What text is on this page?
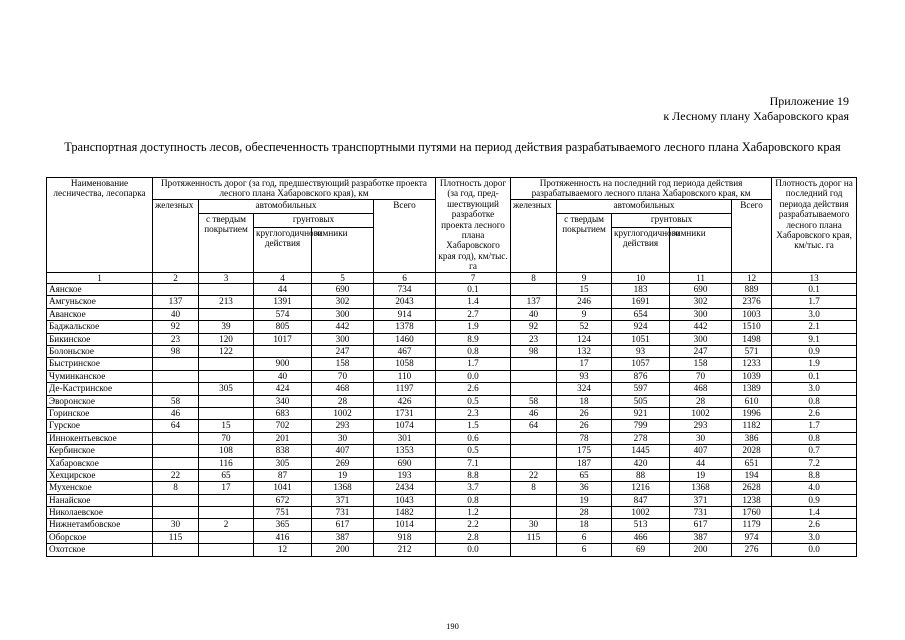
Приложение 19
к Лесному плану Хабаровского края
Транспортная доступность лесов, обеспеченность транспортными путями на период действия разрабатываемого лесного плана Хабаровского края
Наименование лесничества, лесопарка	Протяженность дорог (за год, предшествующий разработке проекта лесного плана Хабаровского края), км					Плотность дорог (за год, пред-шествующий разработке проекта лесного плана Хабаровского края год), км/тыс. га	Протяженность на последний год периода действия разрабатываемого лесного плана Хабаровского края, км					Плотность дорог на последний год периода действия разрабатываемого лесного плана Хабаровского края, км/тыс. га
	железных	автомобильных			Всего		железных	автомобильных			Всего	
		с твердым покрытием	грунтовых					с твердым покрытием	грунтовых			
			круглогодичного действия	зимники					круглогодичного действия	зимники		
1	2	3	4	5	6	7	8	9	10	11	12	13
Аянское			44	690	734	0.1		15	183	690	889	0.1
Амгуньское	137	213	1391	302	2043	1.4	137	246	1691	302	2376	1.7
Аванское	40		574	300	914	2.7	40	9	654	300	1003	3.0
Баджальское	92	39	805	442	1378	1.9	92	52	924	442	1510	2.1
Бикинское	23	120	1017	300	1460	8.9	23	124	1051	300	1498	9.1
Болоньское	98	122		247	467	0.8	98	132	93	247	571	0.9
Быстринское			900	158	1058	1.7		17	1057	158	1233	1.9
Чуминканское			40	70	110	0.0		93	876	70	1039	0.1
Де-Кастринское		305	424	468	1197	2.6		324	597	468	1389	3.0
Эворонское	58		340	28	426	0.5	58	18	505	28	610	0.8
Горинское	46		683	1002	1731	2.3	46	26	921	1002	1996	2.6
Гурское	64	15	702	293	1074	1.5	64	26	799	293	1182	1.7
Иннокентьевское		70	201	30	301	0.6		78	278	30	386	0.8
Кербинское		108	838	407	1353	0.5		175	1445	407	2028	0.7
Хабаровское		116	305	269	690	7.1		187	420	44	651	7.2
Хехцирское	22	65	87	19	193	8.8	22	65	88	19	194	8.8
Мухенское	8	17	1041	1368	2434	3.7	8	36	1216	1368	2628	4.0
Нанайское			672	371	1043	0.8		19	847	371	1238	0.9
Николаевское			751	731	1482	1.2		28	1002	731	1760	1.4
Нижнетамбовское	30	2	365	617	1014	2.2	30	18	513	617	1179	2.6
Оборское	115		416	387	918	2.8	115	6	466	387	974	3.0
Охотское			12	200	212	0.0		6	69	200	276	0.0
190
